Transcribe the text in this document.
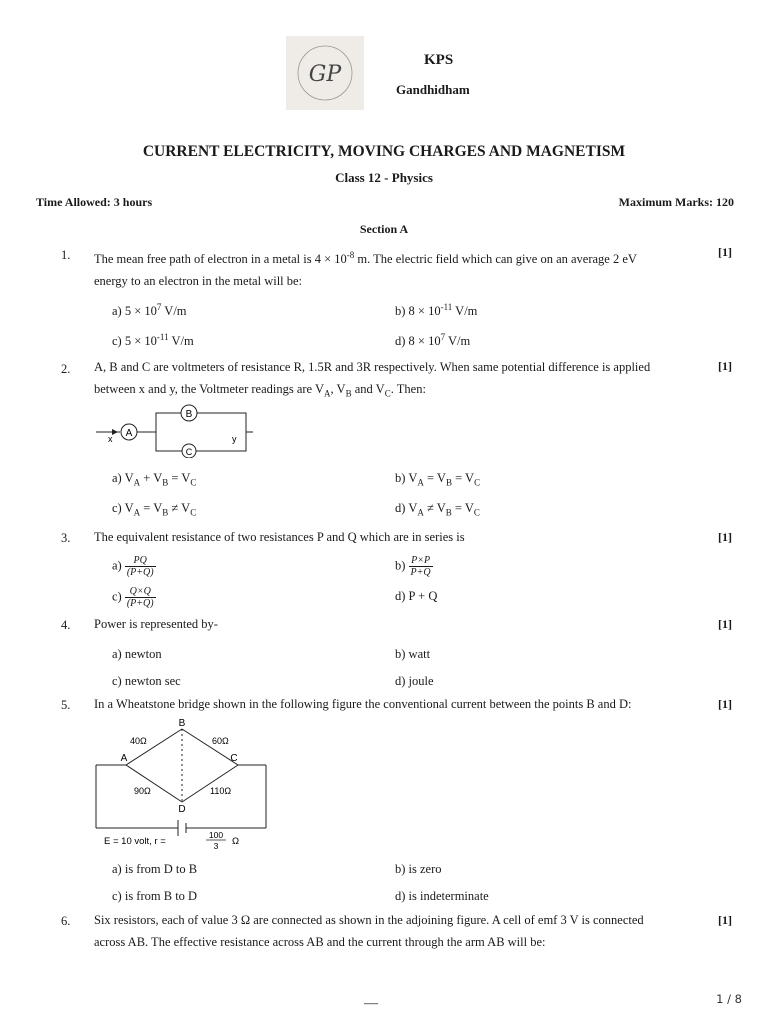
GP
KPS
Gandhidham
CURRENT ELECTRICITY, MOVING CHARGES AND MAGNETISM
Class 12 - Physics
Time Allowed: 3 hours	Maximum Marks: 120
Section A
1. The mean free path of electron in a metal is $4 \times 10^{-8}$ m. The electric field which can give on an average 2 eV
energy to an electron in the metal will be:
[1]
a) $5 \times 10^7$ V/m	b) $8 \times 10^{-11}$ V/m
c) $5 \times 10^{-11}$ V/m	d) $8 \times 10^7$ V/m
2. A, B and C are voltmeters of resistance R, 1.5R and 3R respectively. When same potential difference is applied
between x and y, the Voltmeter readings are $V_A$, $V_B$ and $V_C$. Then:
[1]
A
B
C
x	y
a) $V_A + V_B = V_C$	b) $V_A = V_B = V_C$
c) $V_A = V_B \ne V_C$	d) $V_A \ne V_B = V_C$
3. The equivalent resistance of two resistances P and Q which are in series is	[1]
$a) \frac{PQ}{(P+Q)}$	$b) \frac{P\times P}{P+Q}$
$c) \frac{Q\times Q}{(P+Q)}$	d) P + Q
4. Power is represented by-	[1]
a) newton	b) watt
c) newton sec	d) joule
5. In a Wheatstone bridge shown in the following figure the conventional current between the points B and D:	[1]
B
A	C
D
40Ω	60Ω
90Ω	110Ω
E = 10 volt, r =
100
3 Ω
a) is from D to B	b) is zero
c) is from B to D	d) is indeterminate
6. Six resistors, each of value 3 Ω are connected as shown in the adjoining figure. A cell of emf 3 V is connected
across AB. The effective resistance across AB and the current through the arm AB will be:
[1]
—	1 / 8
